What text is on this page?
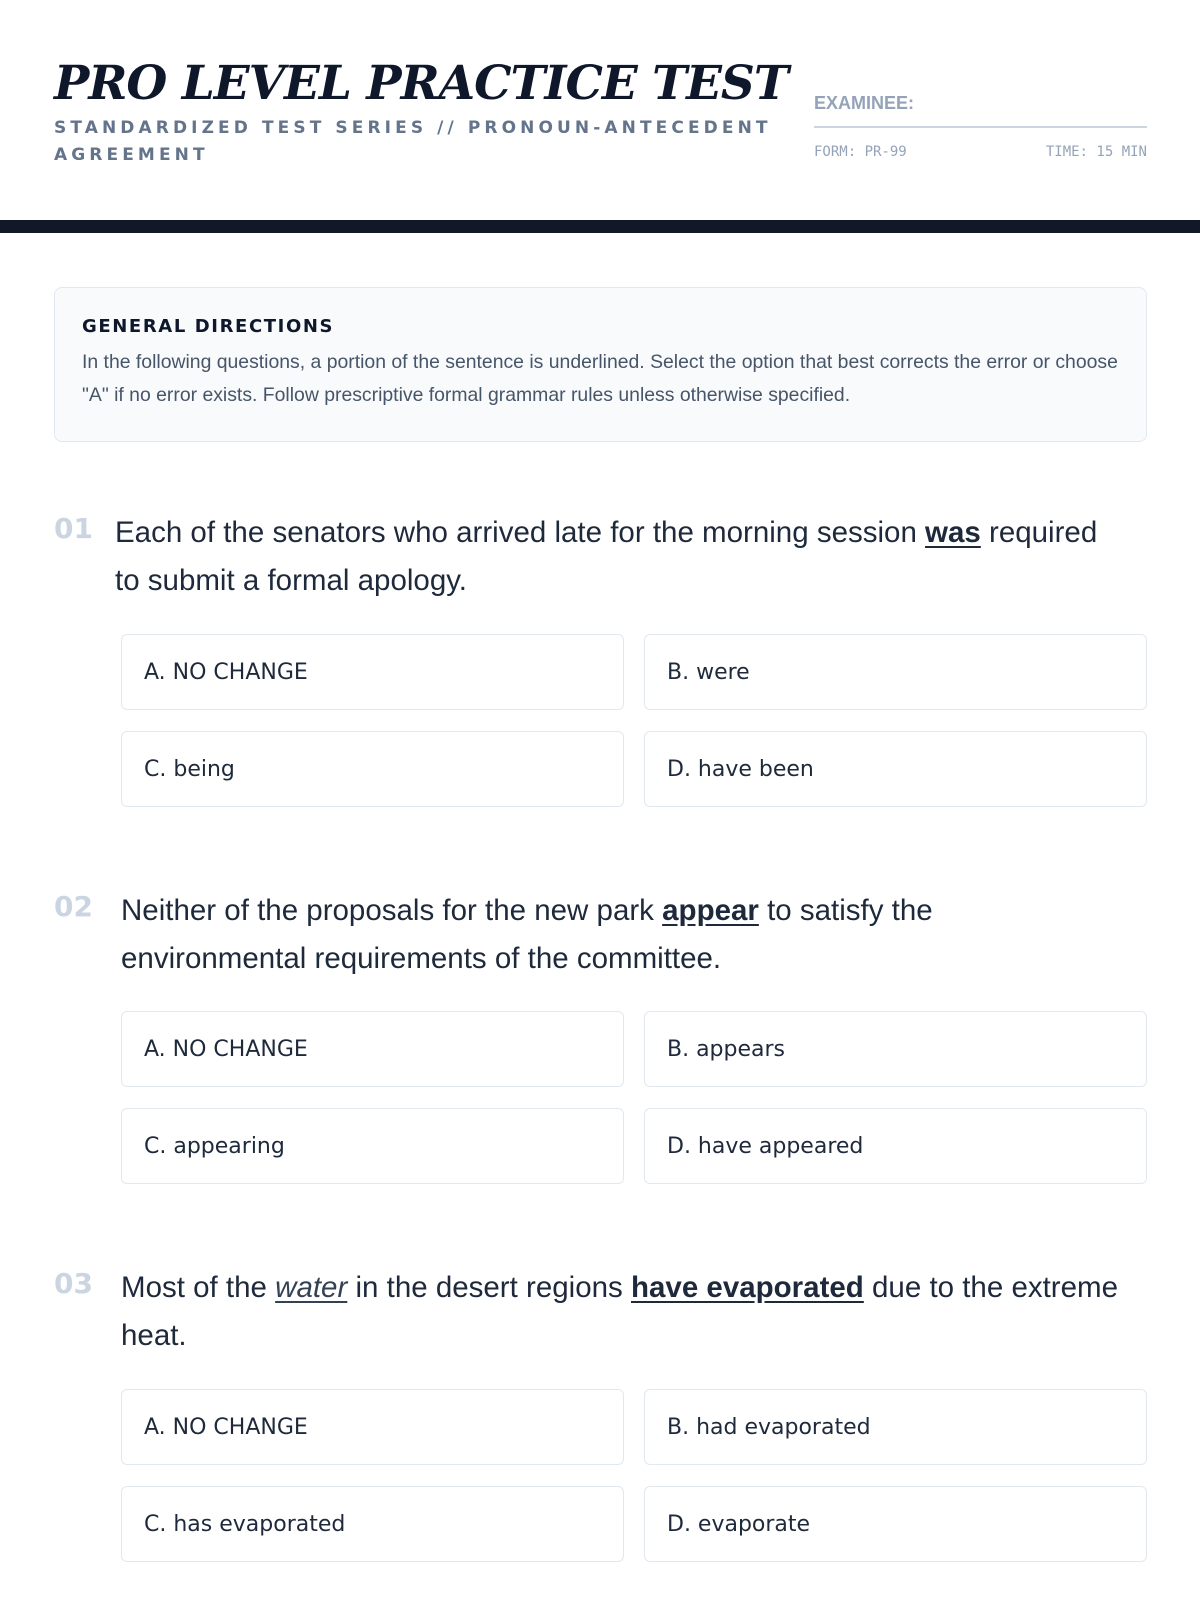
PRO LEVEL PRACTICE TEST
STANDARDIZED TEST SERIES // PRONOUN-ANTECEDENT AGREEMENT
EXAMINEE:
FORM: PR-99	TIME: 15 MIN
GENERAL DIRECTIONS
In the following questions, a portion of the sentence is underlined. Select the option that best corrects the error or choose "A" if no error exists. Follow prescriptive formal grammar rules unless otherwise specified.
01 Each of the senators who arrived late for the morning session was required to submit a formal apology.
A. NO CHANGE	B. were
C. being	D. have been
02 Neither of the proposals for the new park appear to satisfy the environmental requirements of the committee.
A. NO CHANGE	B. appears
C. appearing	D. have appeared
03 Most of the water in the desert regions have evaporated due to the extreme heat.
A. NO CHANGE	B. had evaporated
C. has evaporated	D. evaporate
